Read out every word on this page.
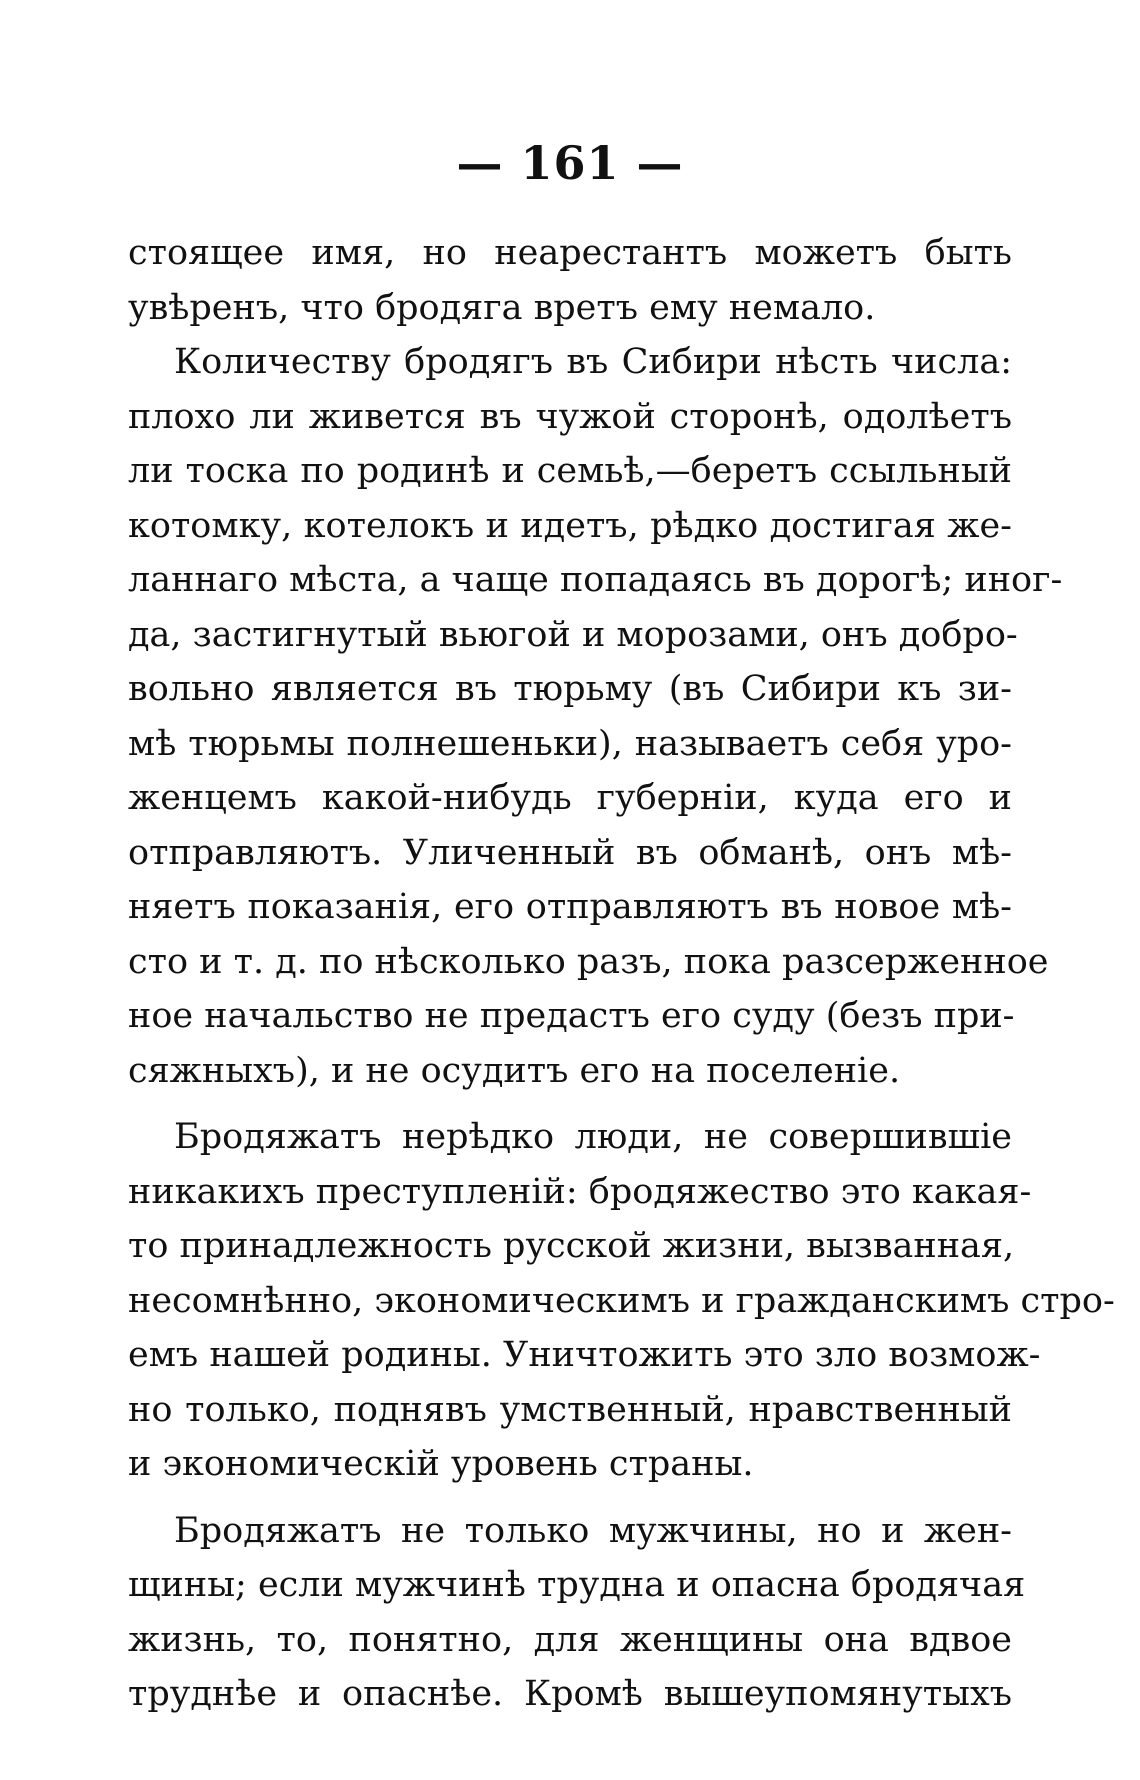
— 161 —
стоящее имя, но неарестантъ можетъ быть
увѣренъ, что бродяга вретъ ему немало.
Количеству бродягъ въ Сибири нѣсть числа:
плохо ли живется въ чужой сторонѣ, одолѣетъ
ли тоска по родинѣ и семьѣ,—беретъ ссыльный
котомку, котелокъ и идетъ, рѣдко достигая же-
ланнаго мѣста, а чаще попадаясь въ дорогѣ; иног-
да, застигнутый вьюгой и морозами, онъ добро-
вольно является въ тюрьму (въ Сибири къ зи-
мѣ тюрьмы полнешеньки), называетъ себя уро-
женцемъ какой-нибудь губерніи, куда его и
отправляютъ. Уличенный въ обманѣ, онъ мѣ-
няетъ показанія, его отправляютъ въ новое мѣ-
сто и т. д. по нѣсколько разъ, пока разсерженное
ное начальство не предастъ его суду (безъ при-
сяжныхъ), и не осудитъ его на поселеніе.
Бродяжатъ нерѣдко люди, не совершившіе
никакихъ преступленій: бродяжество это какая-
то принадлежность русской жизни, вызванная,
несомнѣнно, экономическимъ и гражданскимъ стро-
емъ нашей родины. Уничтожить это зло возмож-
но только, поднявъ умственный, нравственный
и экономическій уровень страны.
Бродяжатъ не только мужчины, но и жен-
щины; если мужчинѣ трудна и опасна бродячая
жизнь, то, понятно, для женщины она вдвое
труднѣе и опаснѣе. Кромѣ вышеупомянутыхъ
